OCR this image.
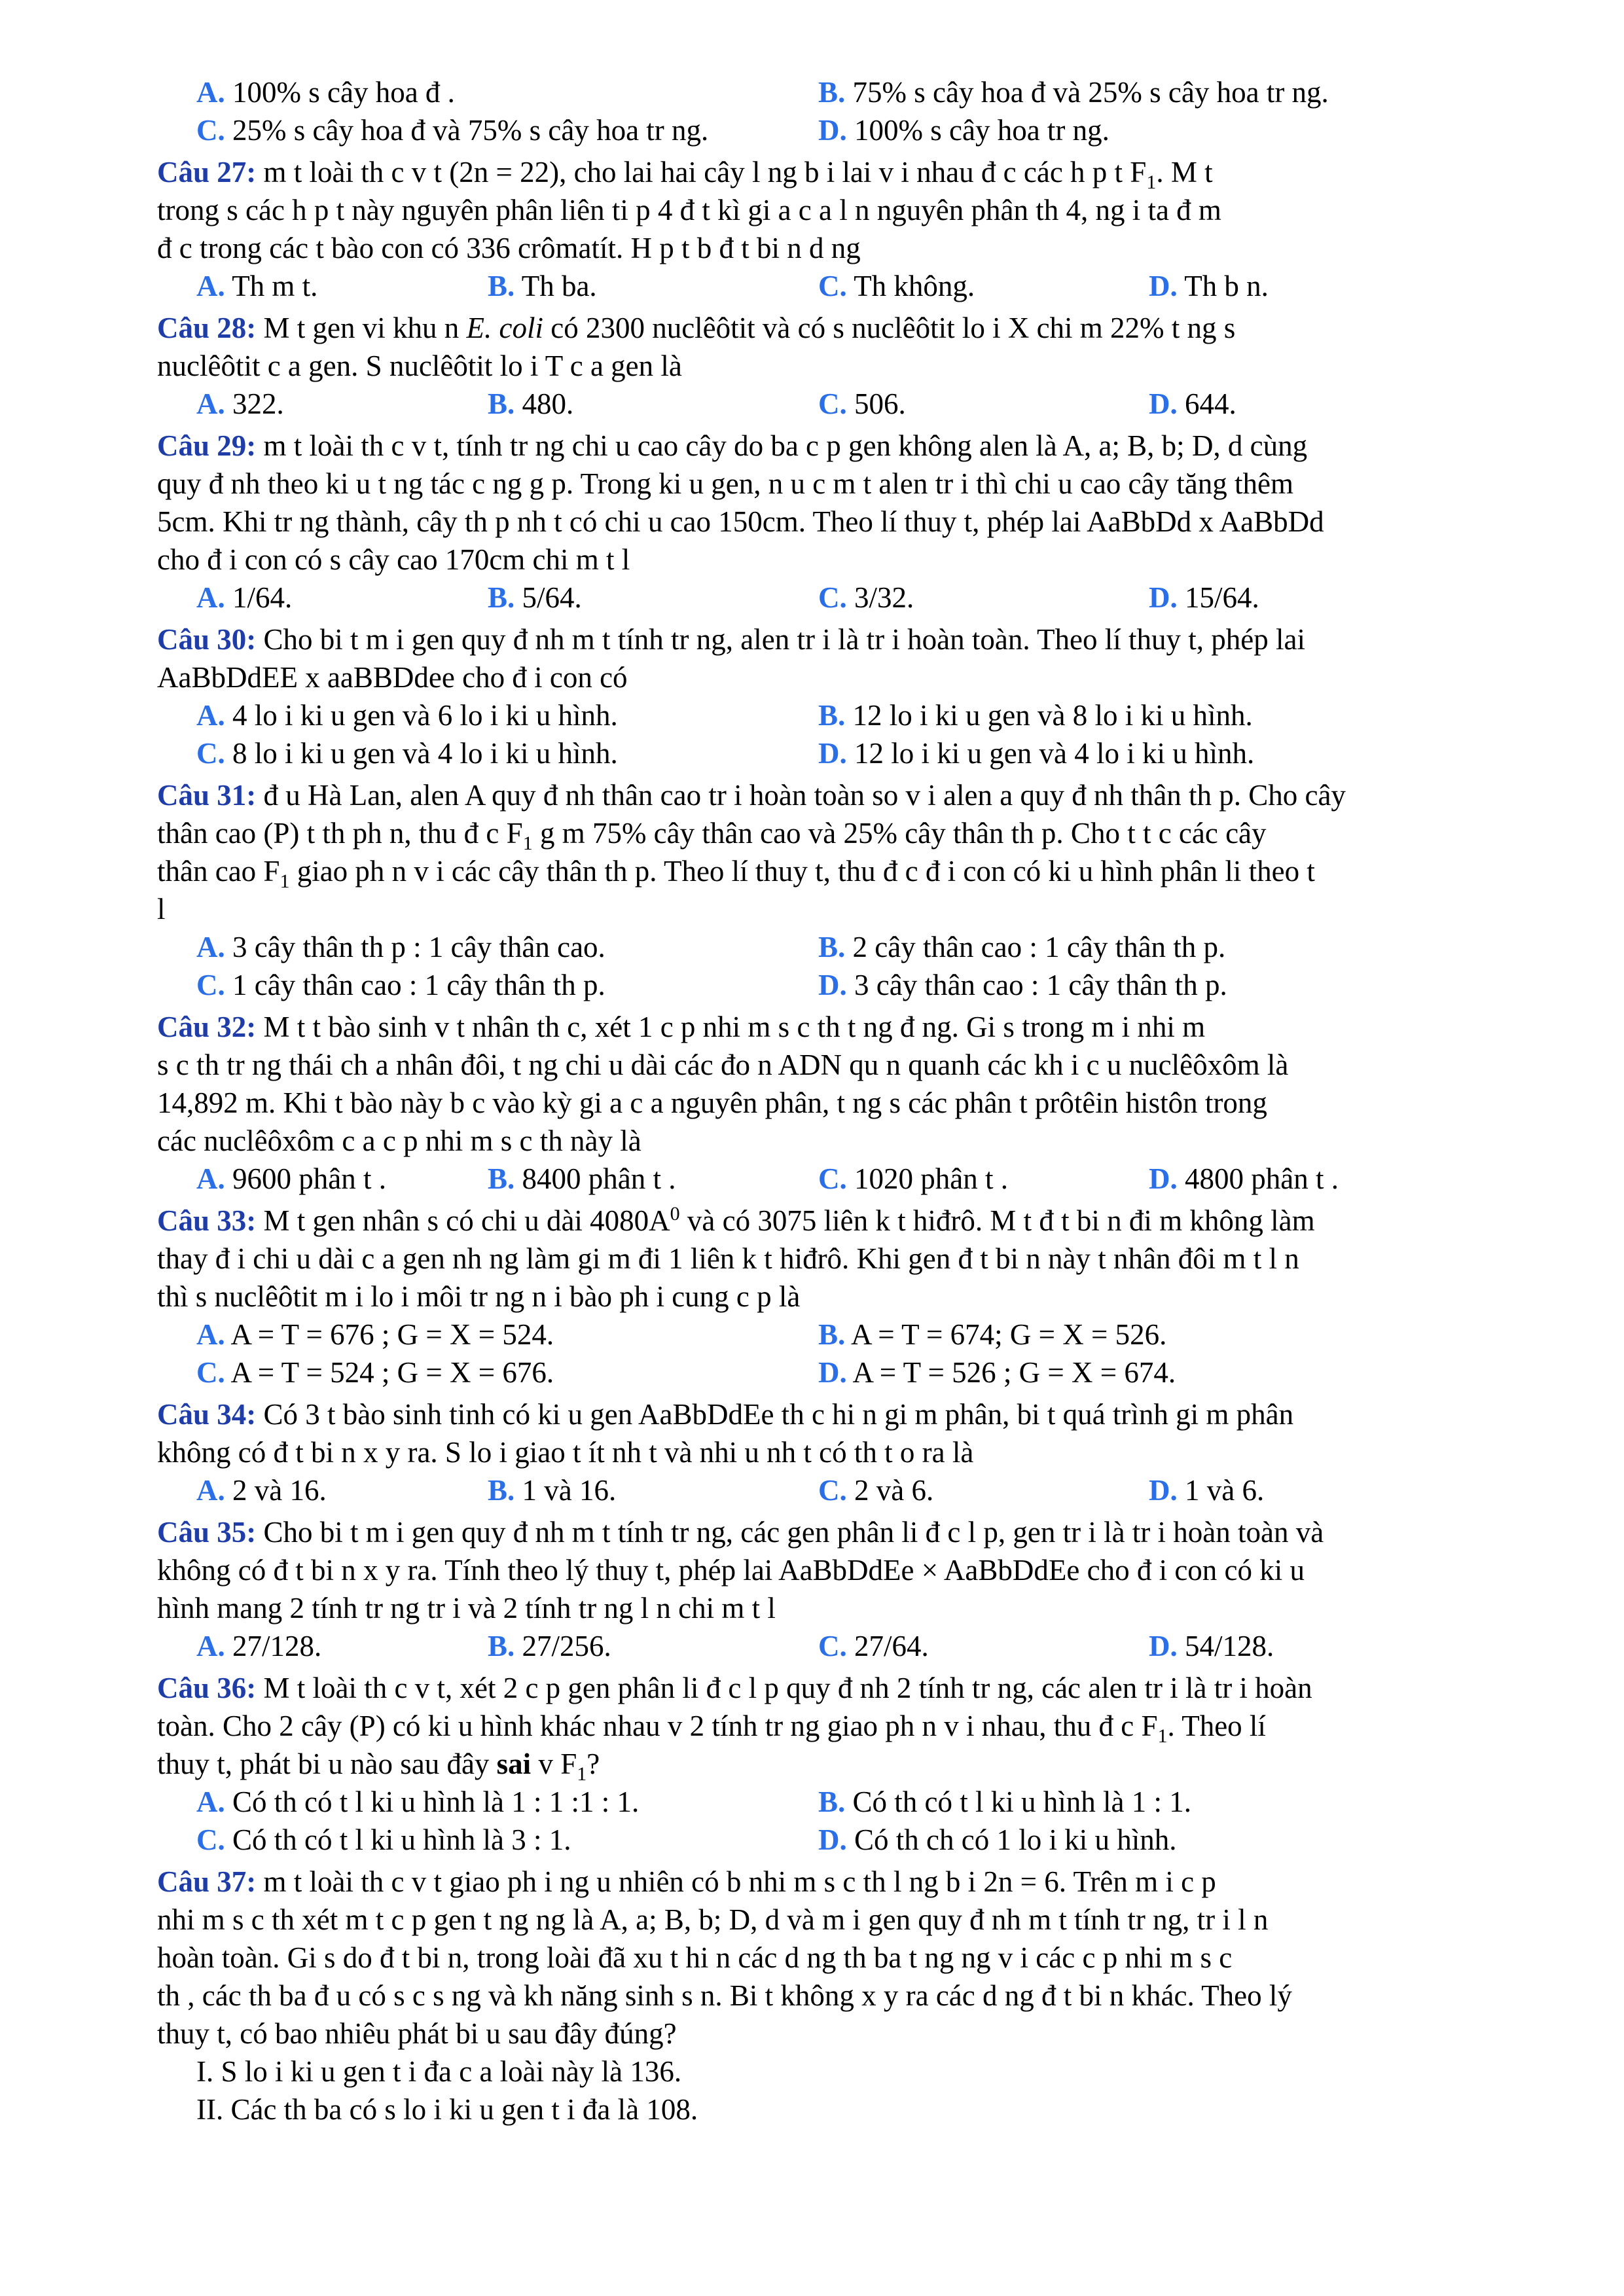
A. 100% s cây hoa đ .	B. 75% s cây hoa đ và 25% s cây hoa tr ng.
C. 25% s cây hoa đ và 75% s cây hoa tr ng.	D. 100% s cây hoa tr ng.
Câu 27: m t loài th c v t (2n = 22), cho lai hai cây l ng b i lai v i nhau đ c các h p t $F_1$. M t
trong s các h p t này nguyên phân liên ti p 4 đ t kì gi a c a l n nguyên phân th 4, ng i ta đ m
đ c trong các t bào con có 336 crômatít. H p t b đ t bi n d ng
A. Th m t.	B. Th ba.	C. Th không.	D. Th b n.
Câu 28: M t gen vi khu n E. coli có 2300 nuclêôtit và có s nuclêôtit lo i X chi m 22% t ng s
nuclêôtit c a gen. S nuclêôtit lo i T c a gen là
A. 322.	B. 480.	C. 506.	D. 644.
Câu 29: m t loài th c v t, tính tr ng chi u cao cây do ba c p gen không alen là A, a; B, b; D, d cùng
quy đ nh theo ki u t ng tác c ng g p. Trong ki u gen, n u c m t alen tr i thì chi u cao cây tăng thêm
5cm. Khi tr ng thành, cây th p nh t có chi u cao 150cm. Theo lí thuy t, phép lai AaBbDd x AaBbDd
cho đ i con có s cây cao 170cm chi m t l
A. 1/64.	B. 5/64.	C. 3/32.	D. 15/64.
Câu 30: Cho bi t m i gen quy đ nh m t tính tr ng, alen tr i là tr i hoàn toàn. Theo lí thuy t, phép lai
AaBbDdEE x aaBBDdee cho đ i con có
A. 4 lo i ki u gen và 6 lo i ki u hình.	B. 12 lo i ki u gen và 8 lo i ki u hình.
C. 8 lo i ki u gen và 4 lo i ki u hình.	D. 12 lo i ki u gen và 4 lo i ki u hình.
Câu 31: đ u Hà Lan, alen A quy đ nh thân cao tr i hoàn toàn so v i alen a quy đ nh thân th p. Cho cây
thân cao (P) t th ph n, thu đ c $F_1$ g m 75% cây thân cao và 25% cây thân th p. Cho t t c các cây
thân cao $F_1$ giao ph n v i các cây thân th p. Theo lí thuy t, thu đ c đ i con có ki u hình phân li theo t
l
A. 3 cây thân th p : 1 cây thân cao.	B. 2 cây thân cao : 1 cây thân th p.
C. 1 cây thân cao : 1 cây thân th p.	D. 3 cây thân cao : 1 cây thân th p.
Câu 32: M t t bào sinh v t nhân th c, xét 1 c p nhi m s c th t ng đ ng. Gi s trong m i nhi m
s c th tr ng thái ch a nhân đôi, t ng chi u dài các đo n ADN qu n quanh các kh i c u nuclêôxôm là
14,892 m. Khi t bào này b c vào kỳ gi a c a nguyên phân, t ng s các phân t prôtêin histôn trong
các nuclêôxôm c a c p nhi m s c th này là
A. 9600 phân t .	B. 8400 phân t .	C. 1020 phân t .	D. 4800 phân t .
Câu 33: M t gen nhân s có chi u dài $4080A^0$ và có 3075 liên k t hiđrô. M t đ t bi n đi m không làm
thay đ i chi u dài c a gen nh ng làm gi m đi 1 liên k t hiđrô. Khi gen đ t bi n này t nhân đôi m t l n
thì s nuclêôtit m i lo i môi tr ng n i bào ph i cung c p là
A. A = T = 676 ; G = X = 524.	B. A = T = 674; G = X = 526.
C. A = T = 524 ; G = X = 676.	D. A = T = 526 ; G = X = 674.
Câu 34: Có 3 t bào sinh tinh có ki u gen AaBbDdEe th c hi n gi m phân, bi t quá trình gi m phân
không có đ t bi n x y ra. S lo i giao t ít nh t và nhi u nh t có th t o ra là
A. 2 và 16.	B. 1 và 16.	C. 2 và 6.	D. 1 và 6.
Câu 35: Cho bi t m i gen quy đ nh m t tính tr ng, các gen phân li đ c l p, gen tr i là tr i hoàn toàn và
không có đ t bi n x y ra. Tính theo lý thuy t, phép lai AaBbDdEe × AaBbDdEe cho đ i con có ki u
hình mang 2 tính tr ng tr i và 2 tính tr ng l n chi m t l
A. 27/128.	B. 27/256.	C. 27/64.	D. 54/128.
Câu 36: M t loài th c v t, xét 2 c p gen phân li đ c l p quy đ nh 2 tính tr ng, các alen tr i là tr i hoàn
toàn. Cho 2 cây (P) có ki u hình khác nhau v 2 tính tr ng giao ph n v i nhau, thu đ c $F_1$. Theo lí
thuy t, phát bi u nào sau đây sai v $F_1$?
A. Có th có t l ki u hình là 1 : 1 :1 : 1.	B. Có th có t l ki u hình là 1 : 1.
C. Có th có t l ki u hình là 3 : 1.	D. Có th ch có 1 lo i ki u hình.
Câu 37: m t loài th c v t giao ph i ng u nhiên có b nhi m s c th l ng b i 2n = 6. Trên m i c p
nhi m s c th xét m t c p gen t ng ng là A, a; B, b; D, d và m i gen quy đ nh m t tính tr ng, tr i l n
hoàn toàn. Gi s do đ t bi n, trong loài đã xu t hi n các d ng th ba t ng ng v i các c p nhi m s c
th , các th ba đ u có s c s ng và kh năng sinh s n. Bi t không x y ra các d ng đ t bi n khác. Theo lý
thuy t, có bao nhiêu phát bi u sau đây đúng?
I. S lo i ki u gen t i đa c a loài này là 136.
II. Các th ba có s lo i ki u gen t i đa là 108.
